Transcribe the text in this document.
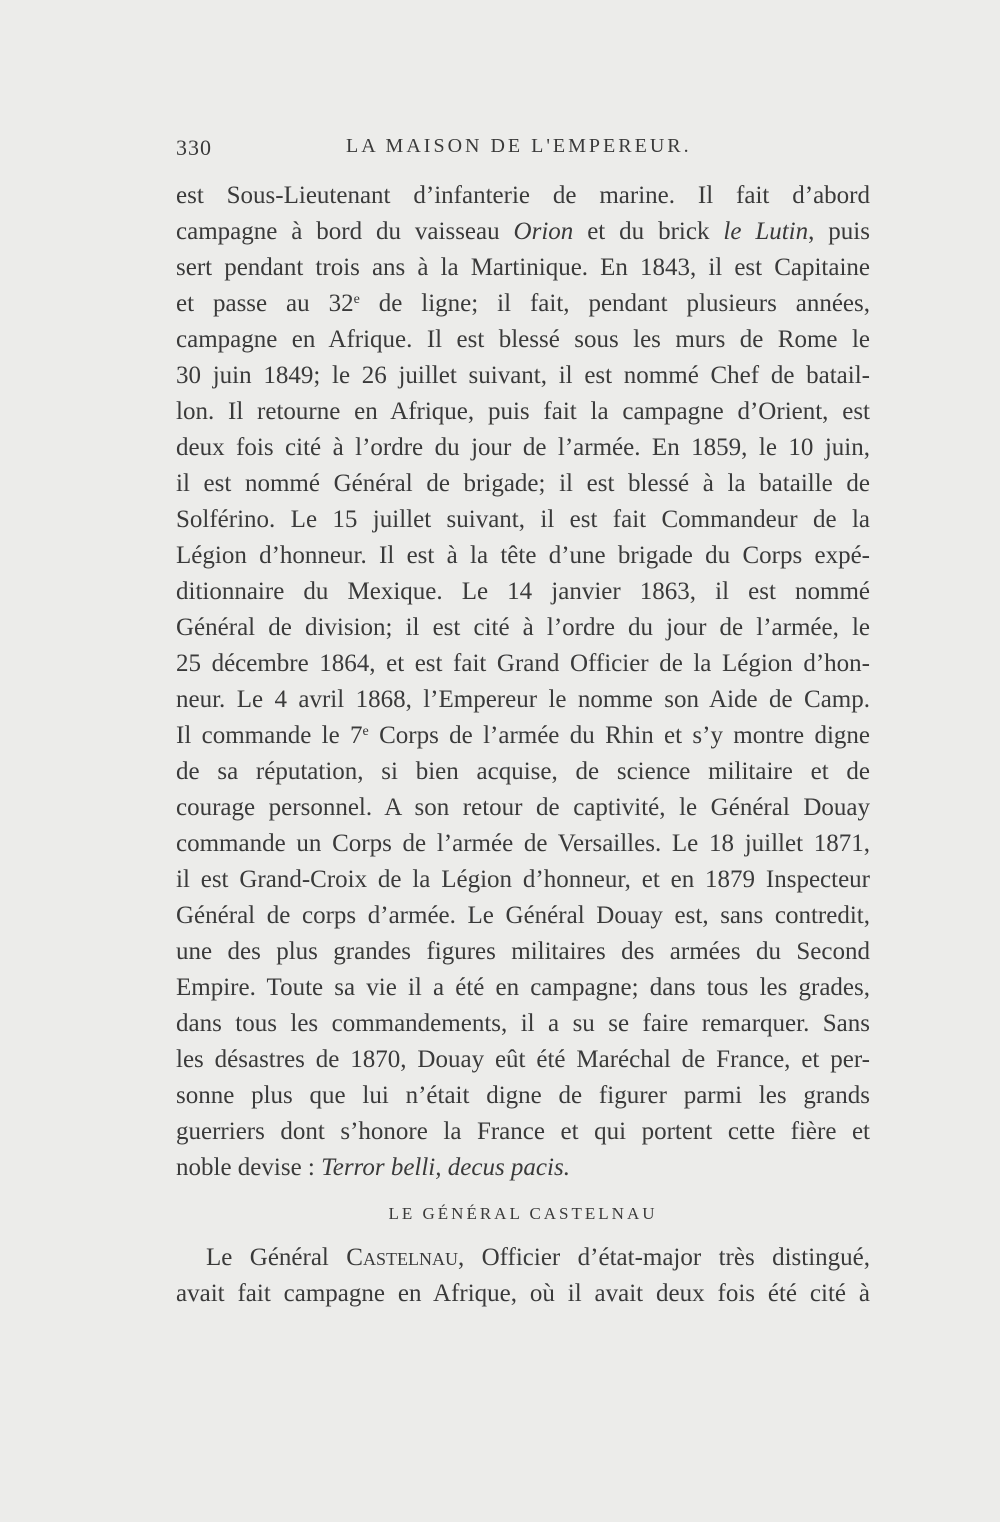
330	LA MAISON DE L'EMPEREUR.
est Sous-Lieutenant d’infanterie de marine. Il fait d’abord
campagne à bord du vaisseau Orion et du brick le Lutin, puis
sert pendant trois ans à la Martinique. En 1843, il est Capitaine
et passe au 32e de ligne; il fait, pendant plusieurs années,
campagne en Afrique. Il est blessé sous les murs de Rome le
30 juin 1849; le 26 juillet suivant, il est nommé Chef de batail-
lon. Il retourne en Afrique, puis fait la campagne d’Orient, est
deux fois cité à l’ordre du jour de l’armée. En 1859, le 10 juin,
il est nommé Général de brigade; il est blessé à la bataille de
Solférino. Le 15 juillet suivant, il est fait Commandeur de la
Légion d’honneur. Il est à la tête d’une brigade du Corps expé-
ditionnaire du Mexique. Le 14 janvier 1863, il est nommé
Général de division; il est cité à l’ordre du jour de l’armée, le
25 décembre 1864, et est fait Grand Officier de la Légion d’hon-
neur. Le 4 avril 1868, l’Empereur le nomme son Aide de Camp.
Il commande le 7e Corps de l’armée du Rhin et s’y montre digne
de sa réputation, si bien acquise, de science militaire et de
courage personnel. A son retour de captivité, le Général Douay
commande un Corps de l’armée de Versailles. Le 18 juillet 1871,
il est Grand-Croix de la Légion d’honneur, et en 1879 Inspecteur
Général de corps d’armée. Le Général Douay est, sans contredit,
une des plus grandes figures militaires des armées du Second
Empire. Toute sa vie il a été en campagne; dans tous les grades,
dans tous les commandements, il a su se faire remarquer. Sans
les désastres de 1870, Douay eût été Maréchal de France, et per-
sonne plus que lui n’était digne de figurer parmi les grands
guerriers dont s’honore la France et qui portent cette fière et
noble devise : Terror belli, decus pacis.
LE GÉNÉRAL CASTELNAU
Le Général Castelnau, Officier d’état-major très distingué,
avait fait campagne en Afrique, où il avait deux fois été cité à
